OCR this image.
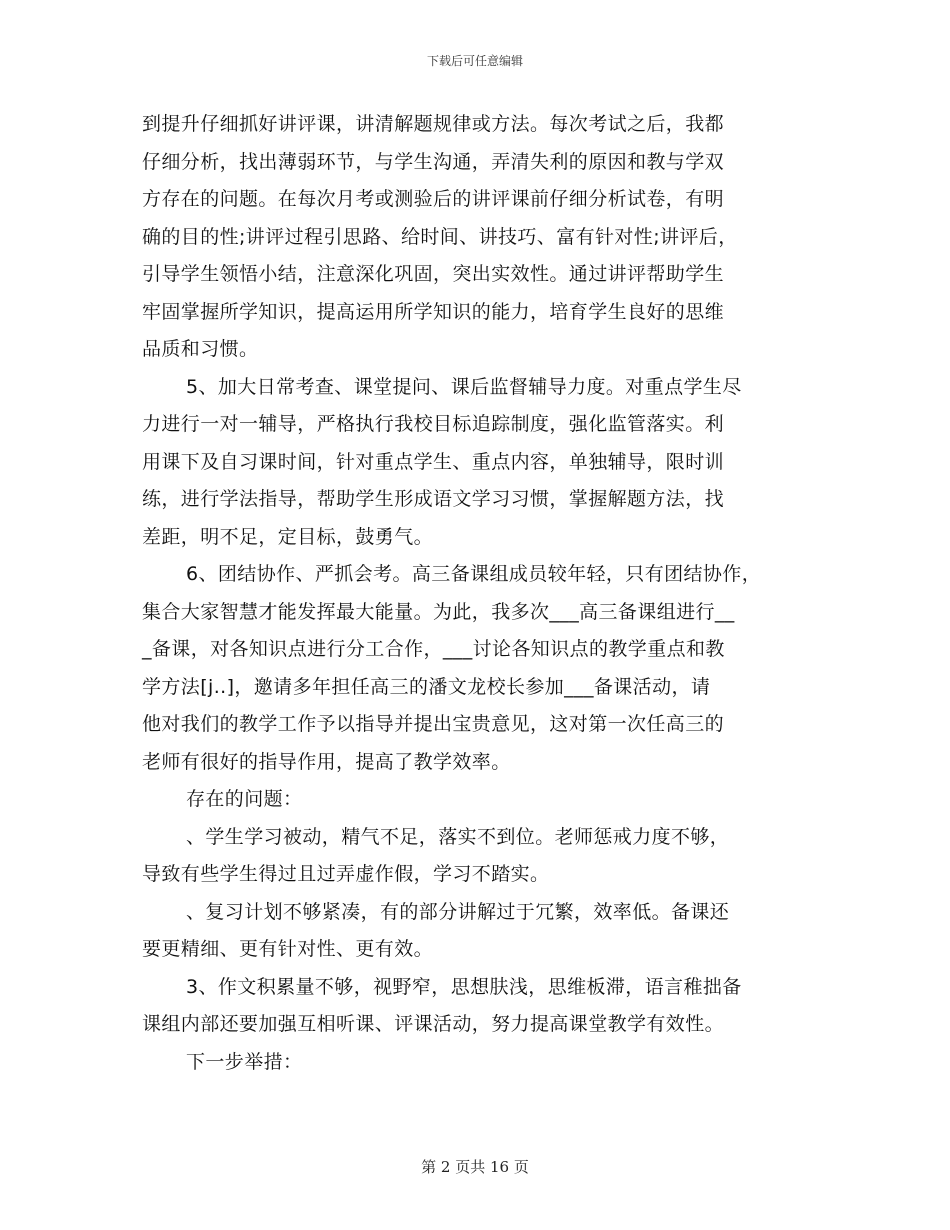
下载后可任意编辑
到提升仔细抓好讲评课，讲清解题规律或方法。每次考试之后，我都
仔细分析，找出薄弱环节，与学生沟通，弄清失利的原因和教与学双
方存在的问题。在每次月考或测验后的讲评课前仔细分析试卷，有明
确的目的性;讲评过程引思路、给时间、讲技巧、富有针对性;讲评后，
引导学生领悟小结，注意深化巩固，突出实效性。通过讲评帮助学生
牢固掌握所学知识，提高运用所学知识的能力，培育学生良好的思维
品质和习惯。
5、加大日常考查、课堂提问、课后监督辅导力度。对重点学生尽
力进行一对一辅导，严格执行我校目标追踪制度，强化监管落实。利
用课下及自习课时间，针对重点学生、重点内容，单独辅导，限时训
练，进行学法指导，帮助学生形成语文学习习惯，掌握解题方法，找
差距，明不足，定目标，鼓勇气。
6、团结协作、严抓会考。高三备课组成员较年轻，只有团结协作，
集合大家智慧才能发挥最大能量。为此，我多次___高三备课组进行__
_备课，对各知识点进行分工合作，___讨论各知识点的教学重点和教
学方法[j..]，邀请多年担任高三的潘文龙校长参加___备课活动，请
他对我们的教学工作予以指导并提出宝贵意见，这对第一次任高三的
老师有很好的指导作用，提高了教学效率。
存在的问题：
、学生学习被动，精气不足，落实不到位。老师惩戒力度不够，
导致有些学生得过且过弄虚作假，学习不踏实。
、复习计划不够紧凑，有的部分讲解过于冗繁，效率低。备课还
要更精细、更有针对性、更有效。
3、作文积累量不够，视野窄，思想肤浅，思维板滞，语言稚拙备
课组内部还要加强互相听课、评课活动，努力提高课堂教学有效性。
下一步举措：
第 2 页共 16 页
